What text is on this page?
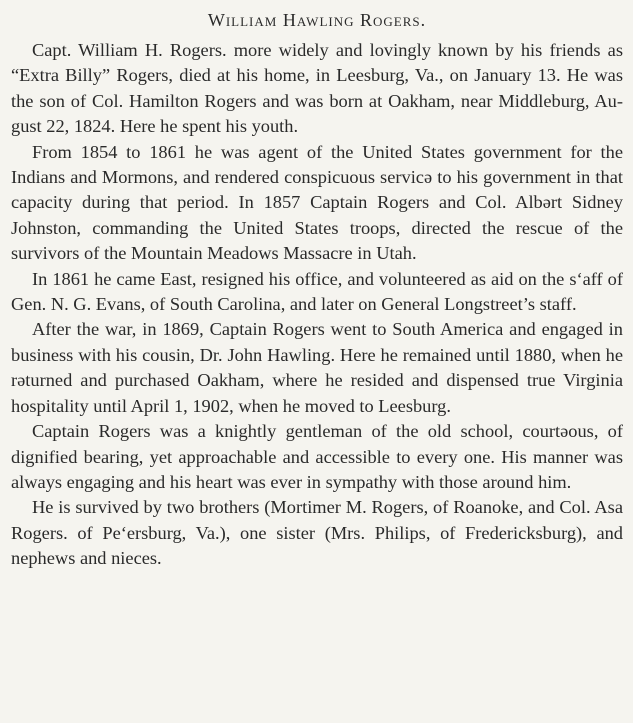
William Hawling Rogers.

Capt. William H. Rogers. more widely and lovingly known by his friends as “Extra Billy” Rogers, died at his home, in Leesburg, Va., on January 13. He was the son of Col. Hamilton Rogers and was born at Oakham, near Middleburg, August 22, 1824. Here he spent his youth.

From 1854 to 1861 he was agent of the United States government for the Indians and Mormons, and rendered conspicuous servicə to his government in that capacity during that period. In 1857 Captain Rogers and Col. Albərt Sidney Johnston, commanding the United States troops, directed the rescue of the survivors of the Mountain Meadows Massacre in Utah.

In 1861 he came East, resigned his office, and volunteered as aid on the sʻaff of Gen. N. G. Evans, of South Carolina, and later on General Longstreet’s staff.

After the war, in 1869, Captain Rogers went to South America and engaged in business with his cousin, Dr. John Hawling. Here he remained until 1880, when he rəturned and purchased Oakham, where he resided and dispensed true Virginia hospitality until April 1, 1902, when he moved to Leesburg.

Captain Rogers was a knightly gentleman of the old school, courtəous, of dignified bearing, yet approachable and accessible to every one. His manner was always engaging and his heart was ever in sympathy with those around him.

He is survived by two brothers (Mortimer M. Rogers, of Roanoke, and Col. Asa Rogers. of Peʻersburg, Va.), one sister (Mrs. Philips, of Fredericksburg), and nephews and nieces.
